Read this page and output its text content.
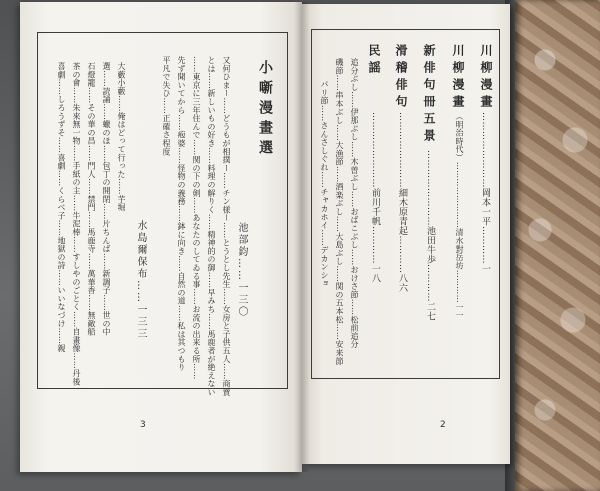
川柳漫畫
……………………岡本一平…………一
川柳漫畫
（明治時代）……………………清水對岳坊…………一一
新俳句冊五景
……………………池田牛歩…………二七
滑稽俳句
……………………細木原青起…………八六
民謡
……………………前川千帆…………一八
追分ぶし……伊那ぶし……木曽ぶし……おばこぶし……おけさ節……松前追分
磯節……串本ぶし……大漁節……酒楽ぶし……大島ぶし……関の五本松……安来節
パリ節……さんさしぐれ……チャカホイ……デカンショ
2
小噺漫畫選
池部鈞……一三〇
又何ひまー……どうもが相撲ー……チン様ー……とうとし先生……女房と子供五人……商賣
とは……新しいもの好き……料理の解りく……精神的の御……早みち……馬鹿者が絶えない
……東京に三年住んで……関の下の剣……あなたのしてゐる事……お流の出来る所……
先ず聞いてから……疱婆……怪物の義務……鉢に向き……自然の道……私は其つもり
平凡で失ひ……正確さ程度
水島爾保布……一三三
大藪小藪……俺はどって行った……芋堀
選……読誦……蠟のほ……包丁の開閉……片ちんば……新調子……世の中
石燈籠……その華の昌……門人……禁門……馬鹿寺……萬華香……無敵船
茶の會……朱來無一物……手紙の主……牛泥棒……すしやのごとく……自畫像……丹後
喜劇……しろうずそ……喜劇……くらべ子……地獄の詩……いいなづけ……親
3
